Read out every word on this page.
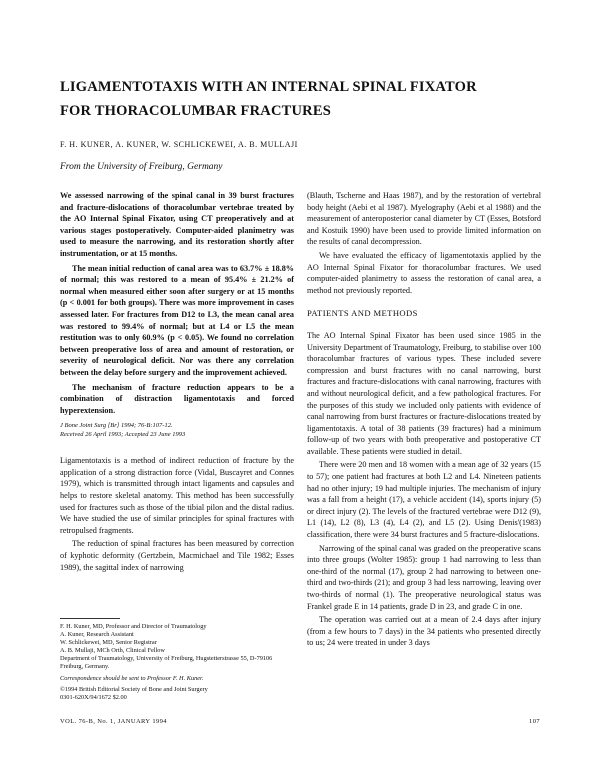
LIGAMENTOTAXIS WITH AN INTERNAL SPINAL FIXATOR
FOR THORACOLUMBAR FRACTURES
F. H. KUNER, A. KUNER, W. SCHLICKEWEI, A. B. MULLAJI
From the University of Freiburg, Germany

We assessed narrowing of the spinal canal in 39 burst fractures and fracture-dislocations of thoracolumbar vertebrae treated by the AO Internal Spinal Fixator, using CT preoperatively and at various stages postoperatively. Computer-aided planimetry was used to measure the narrowing, and its restoration shortly after instrumentation, or at 15 months.

The mean initial reduction of canal area was to 63.7% ± 18.8% of normal; this was restored to a mean of 95.4% ± 21.2% of normal when measured either soon after surgery or at 15 months (p < 0.001 for both groups). There was more improvement in cases assessed later. For fractures from D12 to L3, the mean canal area was restored to 99.4% of normal; but at L4 or L5 the mean restitution was to only 60.9% (p < 0.05). We found no correlation between preoperative loss of area and amount of restoration, or severity of neurological deficit. Nor was there any correlation between the delay before surgery and the improvement achieved.

The mechanism of fracture reduction appears to be a combination of distraction ligamentotaxis and forced hyperextension.

J Bone Joint Surg [Br] 1994; 76-B:107-12.
Received 26 April 1993; Accepted 23 June 1993

Ligamentotaxis is a method of indirect reduction of fracture by the application of a strong distraction force (Vidal, Buscayret and Connes 1979), which is transmitted through intact ligaments and capsules and helps to restore skeletal anatomy. This method has been successfully used for fractures such as those of the tibial pilon and the distal radius. We have studied the use of similar principles for spinal fractures with retropulsed fragments.

The reduction of spinal fractures has been measured by correction of kyphotic deformity (Gertzbein, Macmichael and Tile 1982; Esses 1989), the sagittal index of narrowing

F. H. Kuner, MD, Professor and Director of Traumatology
A. Kuner, Research Assistant
W. Schlickewei, MD, Senior Registrar
A. B. Mullaji, MCh Orth, Clinical Fellow
Department of Traumatology, University of Freiburg, Hugstetterstrasse 55, D-79106 Freiburg, Germany.

Correspondence should be sent to Professor F. H. Kuner.

©1994 British Editorial Society of Bone and Joint Surgery
0301-620X/94/1672 $2.00

(Blauth, Tscherne and Haas 1987), and by the restoration of vertebral body height (Aebi et al 1987). Myelography (Aebi et al 1988) and the measurement of anteroposterior canal diameter by CT (Esses, Botsford and Kostuik 1990) have been used to provide limited information on the results of canal decompression.

We have evaluated the efficacy of ligamentotaxis applied by the AO Internal Spinal Fixator for thoracolumbar fractures. We used computer-aided planimetry to assess the restoration of canal area, a method not previously reported.

PATIENTS AND METHODS

The AO Internal Spinal Fixator has been used since 1985 in the University Department of Traumatology, Freiburg, to stabilise over 100 thoracolumbar fractures of various types. These included severe compression and burst fractures with no canal narrowing, burst fractures and fracture-dislocations with canal narrowing, fractures with and without neurological deficit, and a few pathological fractures. For the purposes of this study we included only patients with evidence of canal narrowing from burst fractures or fracture-dislocations treated by ligamentotaxis. A total of 38 patients (39 fractures) had a minimum follow-up of two years with both preoperative and postoperative CT available. These patients were studied in detail.

There were 20 men and 18 women with a mean age of 32 years (15 to 57); one patient had fractures at both L2 and L4. Nineteen patients had no other injury; 19 had multiple injuries. The mechanism of injury was a fall from a height (17), a vehicle accident (14), sports injury (5) or direct injury (2). The levels of the fractured vertebrae were D12 (9), L1 (14), L2 (8), L3 (4), L4 (2), and L5 (2). Using Denis'(1983) classification, there were 34 burst fractures and 5 fracture-dislocations.

Narrowing of the spinal canal was graded on the preoperative scans into three groups (Wolter 1985): group 1 had narrowing to less than one-third of the normal (17), group 2 had narrowing to between one-third and two-thirds (21); and group 3 had less narrowing, leaving over two-thirds of normal (1). The preoperative neurological status was Frankel grade E in 14 patients, grade D in 23, and grade C in one.

The operation was carried out at a mean of 2.4 days after injury (from a few hours to 7 days) in the 34 patients who presented directly to us; 24 were treated in under 3 days

VOL. 76-B, No. 1, JANUARY 1994	107
